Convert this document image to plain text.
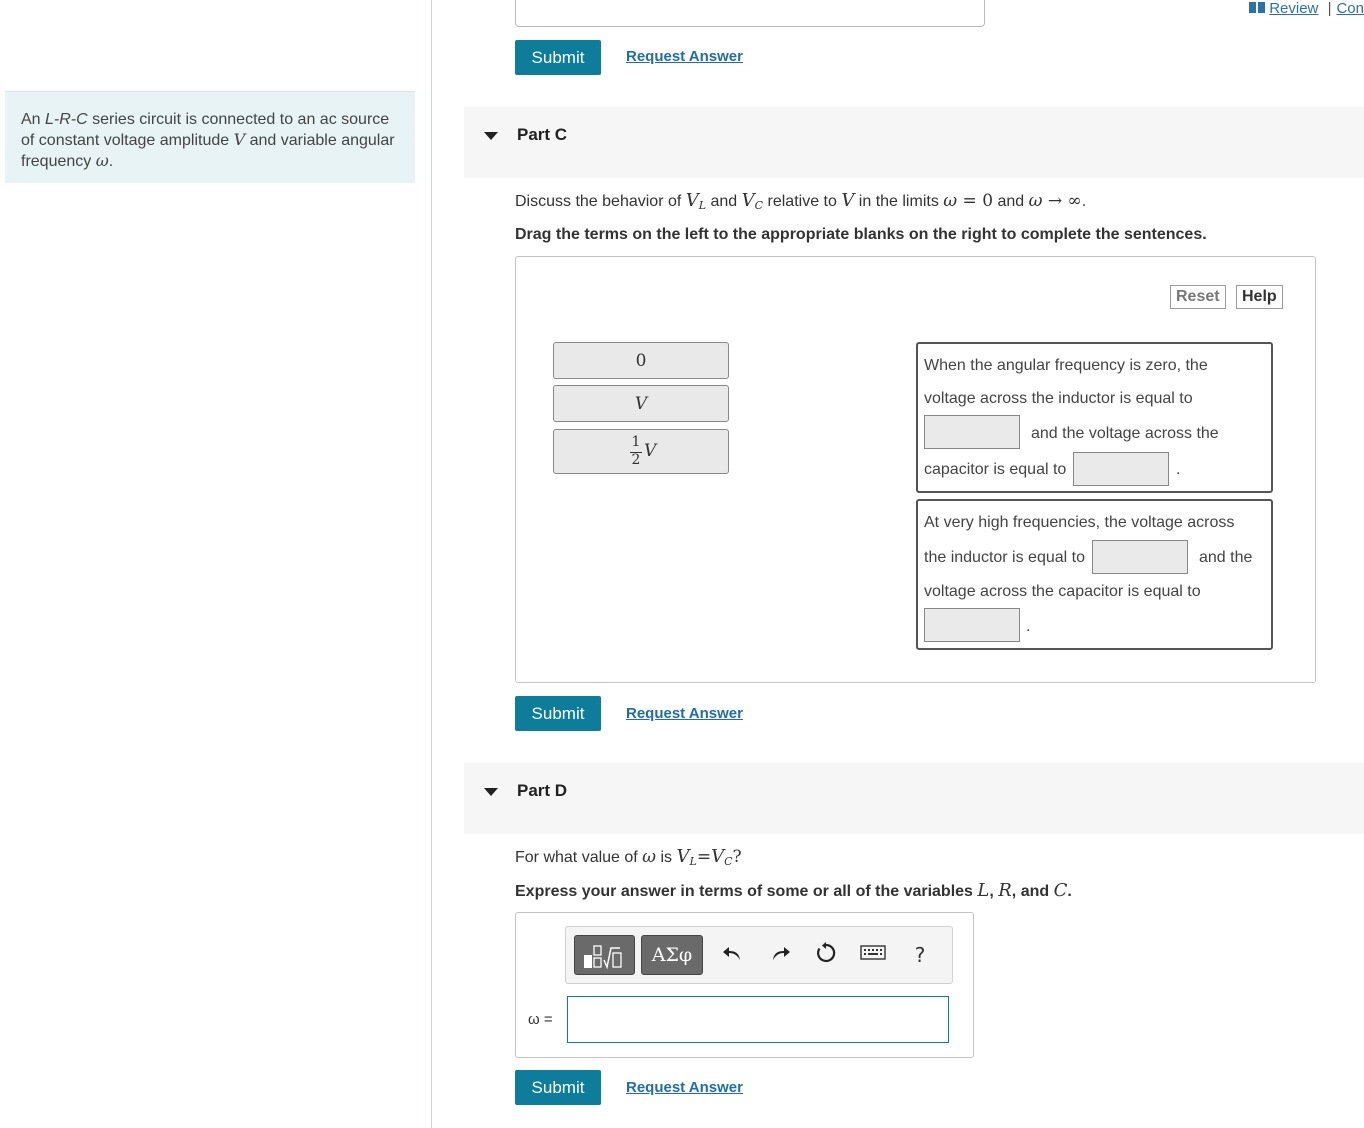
An L-R-C series circuit is connected to an ac source of constant voltage amplitude V and variable angular frequency ω.
Review | Con
Submit	Request Answer
Part C
Discuss the behavior of $V_L$ and $V_C$ relative to V in the limits ω = 0 and ω → ∞.
Drag the terms on the left to the appropriate blanks on the right to complete the sentences.
Reset	Help
0
V
1
2 V
When the angular frequency is zero, the
voltage across the inductor is equal to
and the voltage across the
capacitor is equal to	.
At very high frequencies, the voltage across
the inductor is equal to	and the
voltage across the capacitor is equal to
.
Submit	Request Answer
Part D
For what value of ω is $V_L=V_C$?
Express your answer in terms of some or all of the variables L, R, and C.
ΑΣφ	?
ω =
Submit	Request Answer
